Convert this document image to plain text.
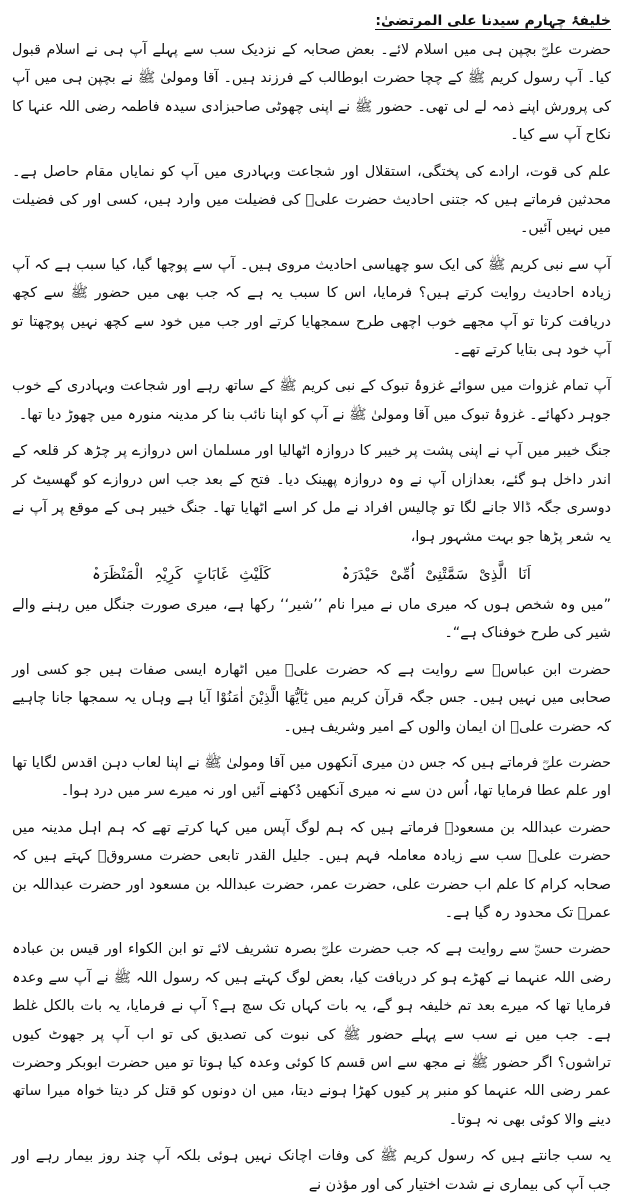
خلیفۂ چہارم سیدنا علی المرتضیٰ:

حضرت علیؓ بچپن ہی میں اسلام لائے۔ بعض صحابہ کے نزدیک سب سے پہلے آپ ہی نے اسلام قبول کیا۔ آپ رسول کریم ﷺ کے چچا حضرت ابوطالب کے فرزند ہیں۔ آقا ومولیٰ ﷺ نے بچپن ہی میں آپ کی پرورش اپنے ذمہ لے لی تھی۔ حضور ﷺ نے اپنی چھوٹی صاحبزادی سیدہ فاطمہ رضی اللہ عنہا کا نکاح آپ سے کیا۔

علم کی قوت، ارادے کی پختگی، استقلال اور شجاعت وبہادری میں آپ کو نمایاں مقام حاصل ہے۔ محدثین فرماتے ہیں کہ جتنی احادیث حضرت علیؓ کی فضیلت میں وارد ہیں، کسی اور کی فضیلت میں نہیں آئیں۔

آپ سے نبی کریم ﷺ کی ایک سو چھیاسی احادیث مروی ہیں۔ آپ سے پوچھا گیا، کیا سبب ہے کہ آپ زیادہ احادیث روایت کرتے ہیں؟ فرمایا، اس کا سبب یہ ہے کہ جب بھی میں حضور ﷺ سے کچھ دریافت کرتا تو آپ مجھے خوب اچھی طرح سمجھایا کرتے اور جب میں خود سے کچھ نہیں پوچھتا تو آپ خود ہی بتایا کرتے تھے۔

آپ تمام غزوات میں سوائے غزوۂ تبوک کے نبی کریم ﷺ کے ساتھ رہے اور شجاعت وبہادری کے خوب جوہر دکھائے۔ غزوۂ تبوک میں آقا ومولیٰ ﷺ نے آپ کو اپنا نائب بنا کر مدینہ منورہ میں چھوڑ دیا تھا۔

جنگ خیبر میں آپ نے اپنی پشت پر خیبر کا دروازہ اٹھالیا اور مسلمان اس دروازے پر چڑھ کر قلعہ کے اندر داخل ہو گئے، بعدازاں آپ نے وہ دروازہ پھینک دیا۔ فتح کے بعد جب اس دروازے کو گھسیٹ کر دوسری جگہ ڈالا جانے لگا تو چالیس افراد نے مل کر اسے اٹھایا تھا۔ جنگ خیبر ہی کے موقع پر آپ نے یہ شعر پڑھا جو بہت مشہور ہوا،

اَنَا الَّذِیْ سَمَّتْنِیْ اُمِّیْ حَیْدَرَہْ کَلَیْثِ غَابَاتٍ کَرِیْہِ الْمَنْظَرَہْ

”میں وہ شخص ہوں کہ میری ماں نے میرا نام ’’شیر‘‘ رکھا ہے، میری صورت جنگل میں رہنے والے شیر کی طرح خوفناک ہے“۔

حضرت ابن عباسؓ سے روایت ہے کہ حضرت علیؓ میں اٹھارہ ایسی صفات ہیں جو کسی اور صحابی میں نہیں ہیں۔ جس جگہ قرآن کریم میں یٰٓاَیُّھَا الَّذِیْنَ اٰمَنُوْا آیا ہے وہاں یہ سمجھا جانا چاہیے کہ حضرت علیؓ ان ایمان والوں کے امیر وشریف ہیں۔

حضرت علیؓ فرماتے ہیں کہ جس دن میری آنکھوں میں آقا ومولیٰ ﷺ نے اپنا لعاب دہن اقدس لگایا تھا اور علم عطا فرمایا تھا، اُس دن سے نہ میری آنکھیں دُکھنے آئیں اور نہ میرے سر میں درد ہوا۔

حضرت عبداللہ بن مسعودؓ فرماتے ہیں کہ ہم لوگ آپس میں کہا کرتے تھے کہ ہم اہل مدینہ میں حضرت علیؓ سب سے زیادہ معاملہ فہم ہیں۔ جلیل القدر تابعی حضرت مسروقؒ کہتے ہیں کہ صحابہ کرام کا علم اب حضرت علی، حضرت عمر، حضرت عبداللہ بن مسعود اور حضرت عبداللہ بن عمرؓ تک محدود رہ گیا ہے۔

حضرت حسنؓ سے روایت ہے کہ جب حضرت علیؓ بصرہ تشریف لائے تو ابن الکواء اور قیس بن عبادہ رضی اللہ عنہما نے کھڑے ہو کر دریافت کیا، بعض لوگ کہتے ہیں کہ رسول اللہ ﷺ نے آپ سے وعدہ فرمایا تھا کہ میرے بعد تم خلیفہ ہو گے، یہ بات کہاں تک سچ ہے؟ آپ نے فرمایا، یہ بات بالکل غلط ہے۔ جب میں نے سب سے پہلے حضور ﷺ کی نبوت کی تصدیق کی تو اب آپ پر جھوٹ کیوں تراشوں؟ اگر حضور ﷺ نے مجھ سے اس قسم کا کوئی وعدہ کیا ہوتا تو میں حضرت ابوبکر وحضرت عمر رضی اللہ عنہما کو منبر پر کیوں کھڑا ہونے دیتا، میں ان دونوں کو قتل کر دیتا خواہ میرا ساتھ دینے والا کوئی بھی نہ ہوتا۔

یہ سب جانتے ہیں کہ رسول کریم ﷺ کی وفات اچانک نہیں ہوئی بلکہ آپ چند روز بیمار رہے اور جب آپ کی بیماری نے شدت اختیار کی اور مؤذن نے
